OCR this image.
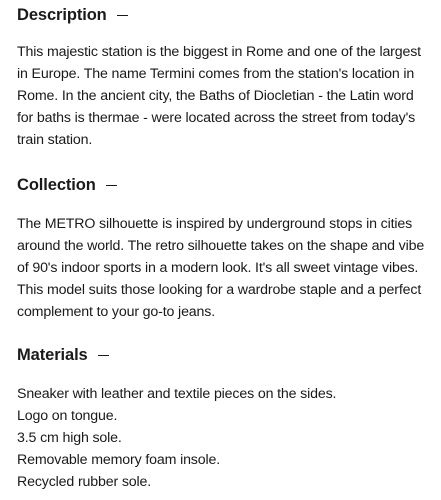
Description

This majestic station is the biggest in Rome and one of the largest in Europe. The name Termini comes from the station's location in Rome. In the ancient city, the Baths of Diocletian - the Latin word for baths is thermae - were located across the street from today's train station.

Collection

The METRO silhouette is inspired by underground stops in cities around the world. The retro silhouette takes on the shape and vibe of 90's indoor sports in a modern look. It's all sweet vintage vibes. This model suits those looking for a wardrobe staple and a perfect complement to your go-to jeans.

Materials
Sneaker with leather and textile pieces on the sides.
Logo on tongue.
3.5 cm high sole.
Removable memory foam insole.
Recycled rubber sole.
